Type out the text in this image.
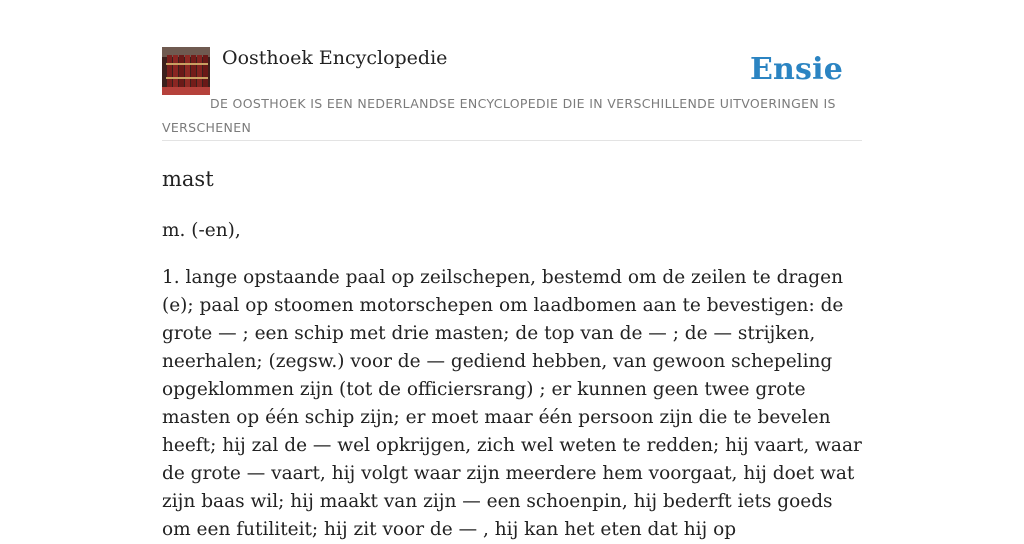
Oosthoek Encyclopedie	Ensie
DE OOSTHOEK IS EEN NEDERLANDSE ENCYCLOPEDIE DIE IN VERSCHILLENDE UITVOERINGEN IS VERSCHENEN
mast

m. (-en),

1. lange opstaande paal op zeilschepen, bestemd om de zeilen te dragen (e); paal op stoomen motorschepen om laadbomen aan te bevestigen: de grote — ; een schip met drie masten; de top van de — ; de — strijken, neerhalen; (zegsw.) voor de — gediend hebben, van gewoon schepeling opgeklommen zijn (tot de officiersrang) ; er kunnen geen twee grote masten op één schip zijn; er moet maar één persoon zijn die te bevelen heeft; hij zal de — wel opkrijgen, zich wel weten te redden; hij vaart, waar de grote — vaart, hij volgt waar zijn meerdere hem voorgaat, hij doet wat zijn baas wil; hij maakt van zijn — een schoenpin, hij bederft iets goeds om een futiliteit; hij zit voor de — , hij kan het eten dat hij op
